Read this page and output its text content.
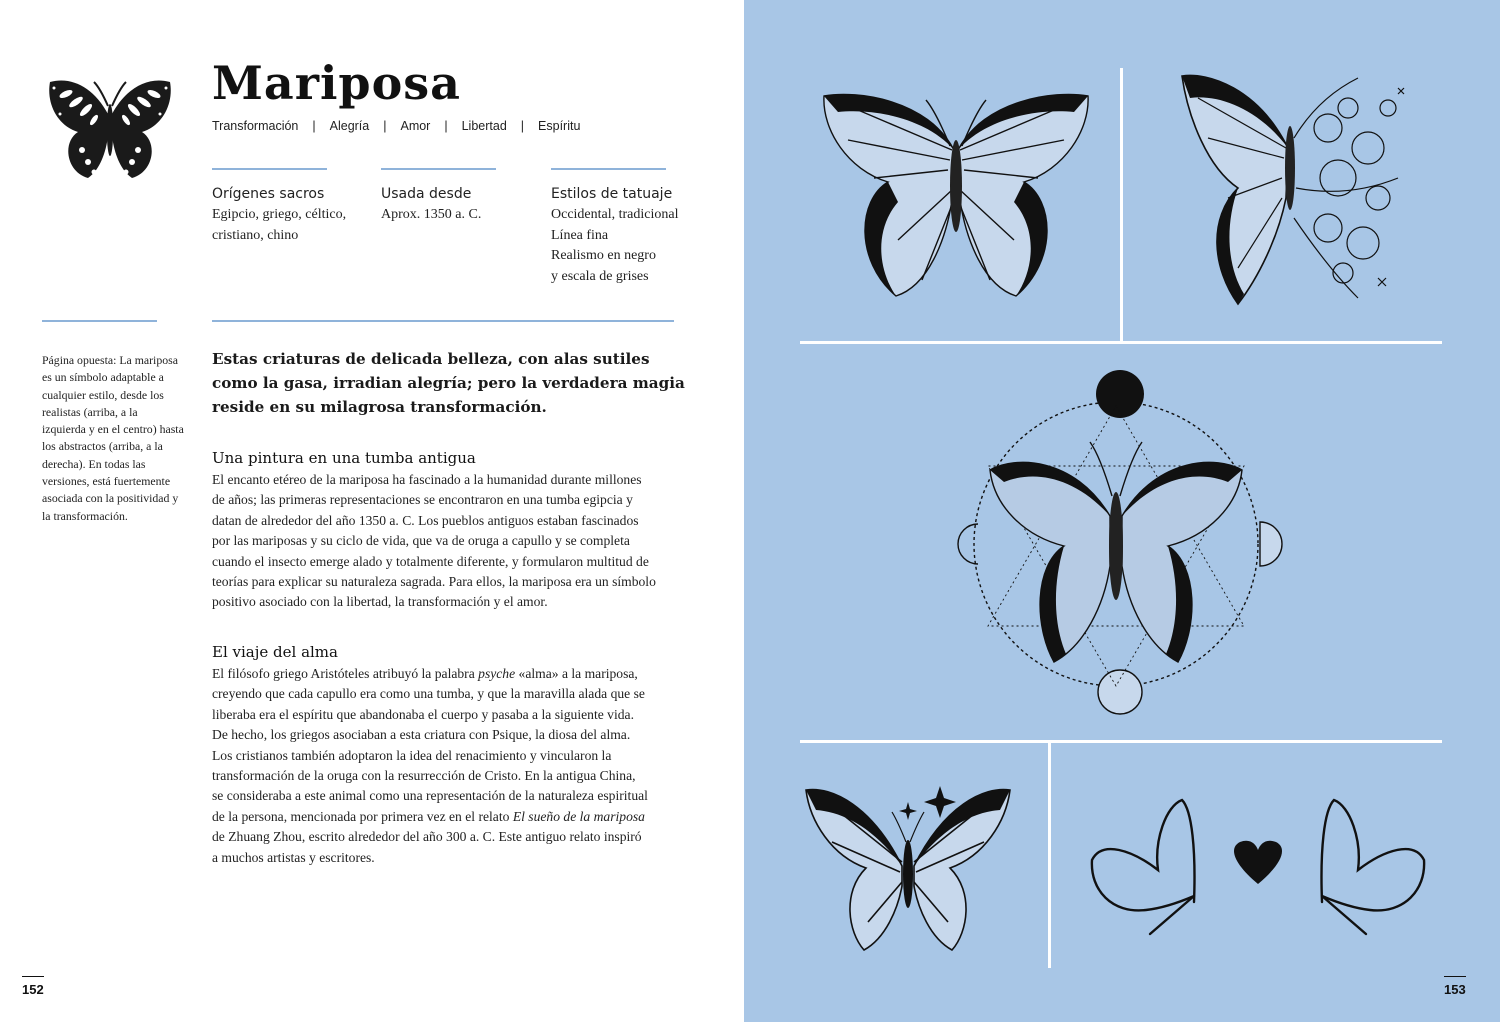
Mariposa
Transformación | Alegría | Amor | Libertad | Espíritu
Orígenes sacros
Egipcio, griego, céltico,
cristiano, chino
Usada desde
Aprox. 1350 a. C.
Estilos de tatuaje
Occidental, tradicional
Línea fina
Realismo en negro
y escala de grises
Página opuesta: La mariposa es un símbolo adaptable a cualquier estilo, desde los realistas (arriba, a la izquierda y en el centro) hasta los abstractos (arriba, a la derecha). En todas las versiones, está fuertemente asociada con la positividad y la transformación.
Estas criaturas de delicada belleza, con alas sutiles como la gasa, irradian alegría; pero la verdadera magia reside en su milagrosa transformación.
Una pintura en una tumba antigua
El encanto etéreo de la mariposa ha fascinado a la humanidad durante millones
de años; las primeras representaciones se encontraron en una tumba egipcia y
datan de alrededor del año 1350 a. C. Los pueblos antiguos estaban fascinados
por las mariposas y su ciclo de vida, que va de oruga a capullo y se completa
cuando el insecto emerge alado y totalmente diferente, y formularon multitud de
teorías para explicar su naturaleza sagrada. Para ellos, la mariposa era un símbolo
positivo asociado con la libertad, la transformación y el amor.
El viaje del alma
El filósofo griego Aristóteles atribuyó la palabra psyche «alma» a la mariposa,
creyendo que cada capullo era como una tumba, y que la maravilla alada que se
liberaba era el espíritu que abandonaba el cuerpo y pasaba a la siguiente vida.
De hecho, los griegos asociaban a esta criatura con Psique, la diosa del alma.
Los cristianos también adoptaron la idea del renacimiento y vincularon la
transformación de la oruga con la resurrección de Cristo. En la antigua China,
se consideraba a este animal como una representación de la naturaleza espiritual
de la persona, mencionada por primera vez en el relato El sueño de la mariposa
de Zhuang Zhou, escrito alrededor del año 300 a. C. Este antiguo relato inspiró
a muchos artistas y escritores.
152	153
